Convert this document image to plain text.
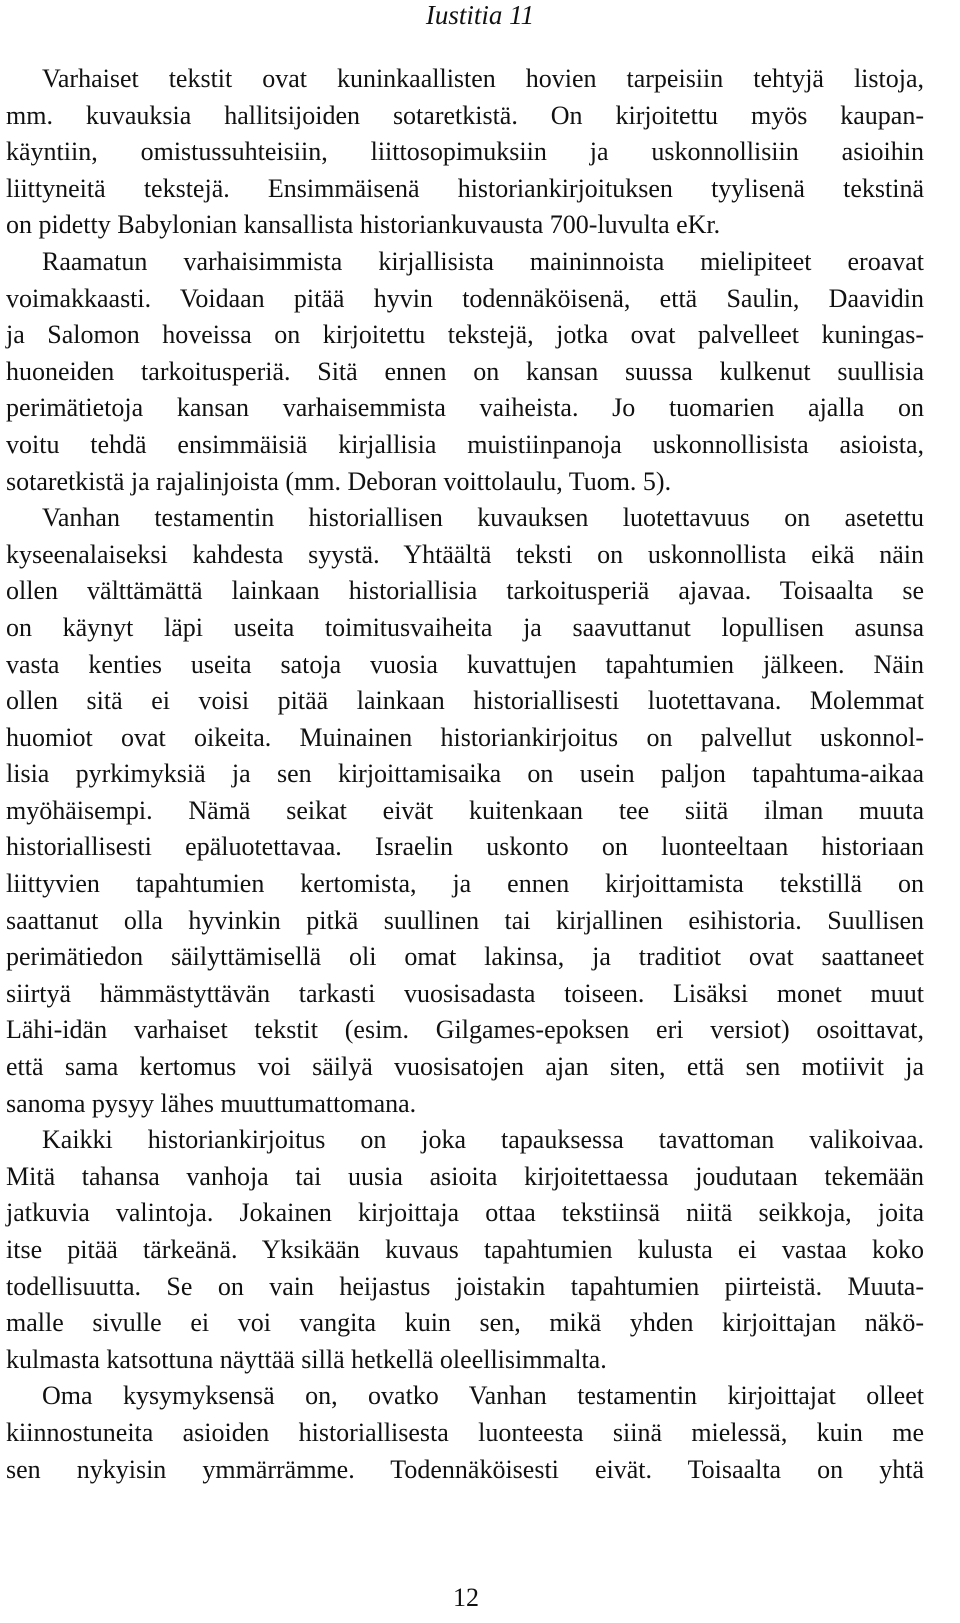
Iustitia 11
Varhaiset tekstit ovat kuninkaallisten hovien tarpeisiin tehtyjä listoja,
mm. kuvauksia hallitsijoiden sotaretkistä. On kirjoitettu myös kaupan-
käyntiin, omistussuhteisiin, liittosopimuksiin ja uskonnollisiin asioihin
liittyneitä tekstejä. Ensimmäisenä historiankirjoituksen tyylisenä tekstinä
on pidetty Babylonian kansallista historiankuvausta 700-luvulta eKr.
Raamatun varhaisimmista kirjallisista maininnoista mielipiteet eroavat
voimakkaasti. Voidaan pitää hyvin todennäköisenä, että Saulin, Daavidin
ja Salomon hoveissa on kirjoitettu tekstejä, jotka ovat palvelleet kuningas-
huoneiden tarkoitusperiä. Sitä ennen on kansan suussa kulkenut suullisia
perimätietoja kansan varhaisemmista vaiheista. Jo tuomarien ajalla on
voitu tehdä ensimmäisiä kirjallisia muistiinpanoja uskonnollisista asioista,
sotaretkistä ja rajalinjoista (mm. Deboran voittolaulu, Tuom. 5).
Vanhan testamentin historiallisen kuvauksen luotettavuus on asetettu
kyseenalaiseksi kahdesta syystä. Yhtäältä teksti on uskonnollista eikä näin
ollen välttämättä lainkaan historiallisia tarkoitusperiä ajavaa. Toisaalta se
on käynyt läpi useita toimitusvaiheita ja saavuttanut lopullisen asunsa
vasta kenties useita satoja vuosia kuvattujen tapahtumien jälkeen. Näin
ollen sitä ei voisi pitää lainkaan historiallisesti luotettavana. Molemmat
huomiot ovat oikeita. Muinainen historiankirjoitus on palvellut uskonnol-
lisia pyrkimyksiä ja sen kirjoittamisaika on usein paljon tapahtuma-aikaa
myöhäisempi. Nämä seikat eivät kuitenkaan tee siitä ilman muuta
historiallisesti epäluotettavaa. Israelin uskonto on luonteeltaan historiaan
liittyvien tapahtumien kertomista, ja ennen kirjoittamista tekstillä on
saattanut olla hyvinkin pitkä suullinen tai kirjallinen esihistoria. Suullisen
perimätiedon säilyttämisellä oli omat lakinsa, ja traditiot ovat saattaneet
siirtyä hämmästyttävän tarkasti vuosisadasta toiseen. Lisäksi monet muut
Lähi-idän varhaiset tekstit (esim. Gilgames-epoksen eri versiot) osoittavat,
että sama kertomus voi säilyä vuosisatojen ajan siten, että sen motiivit ja
sanoma pysyy lähes muuttumattomana.
Kaikki historiankirjoitus on joka tapauksessa tavattoman valikoivaa.
Mitä tahansa vanhoja tai uusia asioita kirjoitettaessa joudutaan tekemään
jatkuvia valintoja. Jokainen kirjoittaja ottaa tekstiinsä niitä seikkoja, joita
itse pitää tärkeänä. Yksikään kuvaus tapahtumien kulusta ei vastaa koko
todellisuutta. Se on vain heijastus joistakin tapahtumien piirteistä. Muuta-
malle sivulle ei voi vangita kuin sen, mikä yhden kirjoittajan näkö-
kulmasta katsottuna näyttää sillä hetkellä oleellisimmalta.
Oma kysymyksensä on, ovatko Vanhan testamentin kirjoittajat olleet
kiinnostuneita asioiden historiallisesta luonteesta siinä mielessä, kuin me
sen nykyisin ymmärrämme. Todennäköisesti eivät. Toisaalta on yhtä
12
